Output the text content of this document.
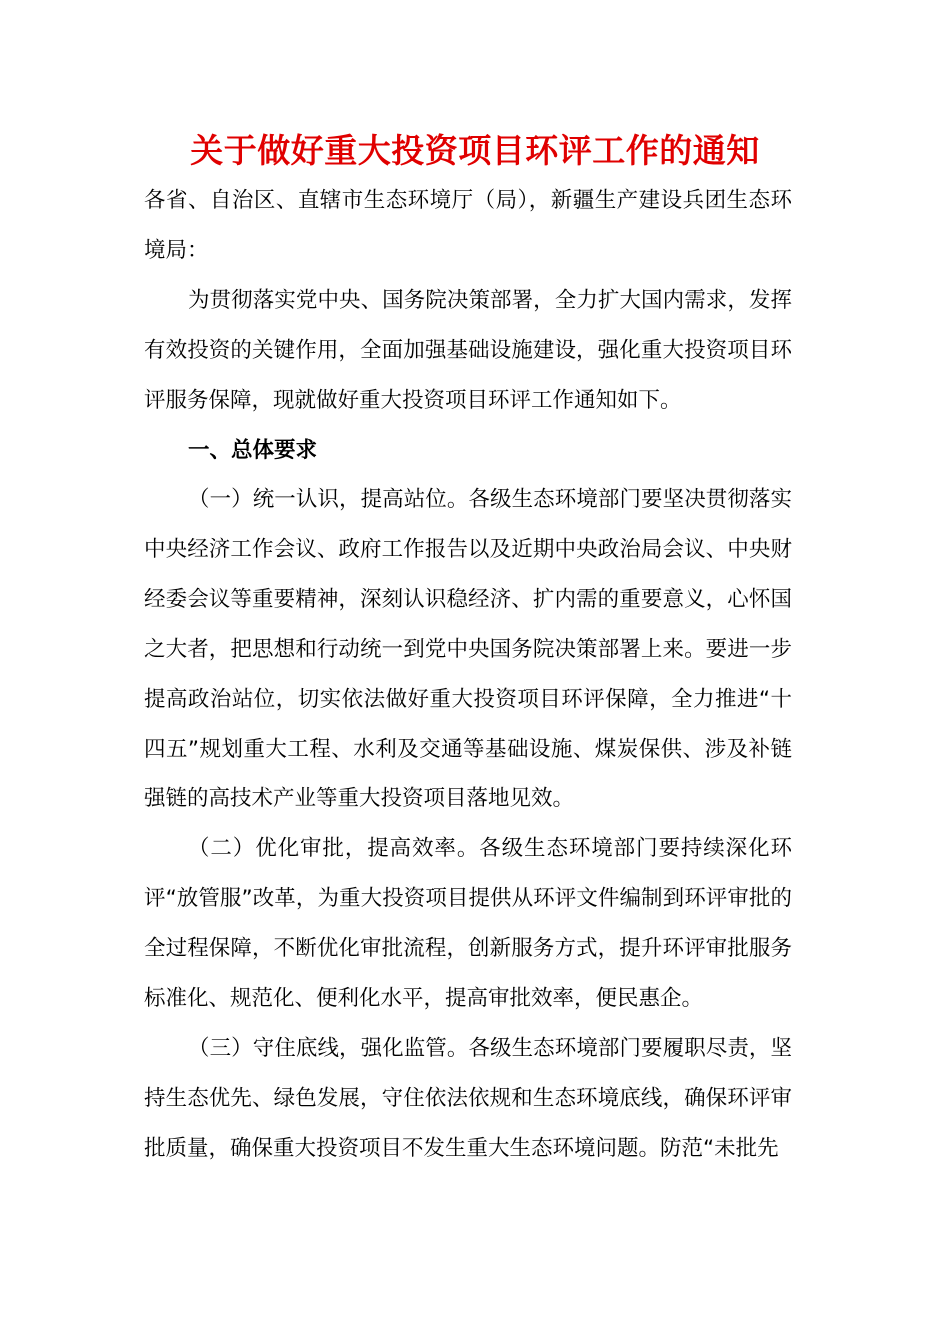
关于做好重大投资项目环评工作的通知

各省、自治区、直辖市生态环境厅（局），新疆生产建设兵团生态环境局：

为贯彻落实党中央、国务院决策部署，全力扩大国内需求，发挥有效投资的关键作用，全面加强基础设施建设，强化重大投资项目环评服务保障，现就做好重大投资项目环评工作通知如下。

一、总体要求

（一）统一认识，提高站位。各级生态环境部门要坚决贯彻落实中央经济工作会议、政府工作报告以及近期中央政治局会议、中央财经委会议等重要精神，深刻认识稳经济、扩内需的重要意义，心怀国之大者，把思想和行动统一到党中央国务院决策部署上来。要进一步提高政治站位，切实依法做好重大投资项目环评保障，全力推进“十四五”规划重大工程、水利及交通等基础设施、煤炭保供、涉及补链强链的高技术产业等重大投资项目落地见效。

（二）优化审批，提高效率。各级生态环境部门要持续深化环评“放管服”改革，为重大投资项目提供从环评文件编制到环评审批的全过程保障，不断优化审批流程，创新服务方式，提升环评审批服务标准化、规范化、便利化水平，提高审批效率，便民惠企。

（三）守住底线，强化监管。各级生态环境部门要履职尽责，坚持生态优先、绿色发展，守住依法依规和生态环境底线，确保环评审批质量，确保重大投资项目不发生重大生态环境问题。防范“未批先
